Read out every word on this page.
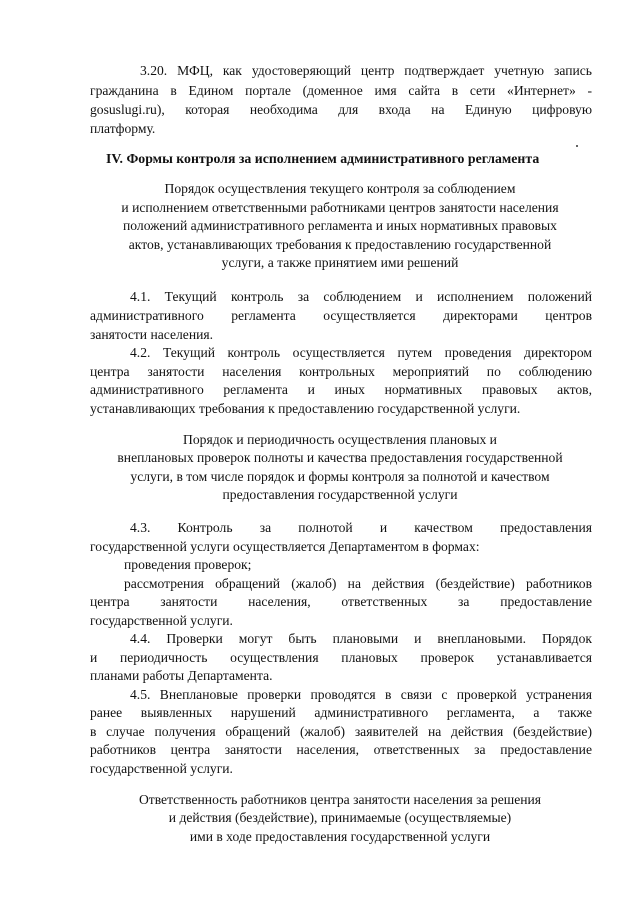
3.20. МФЦ, как удостоверяющий центр подтверждает учетную запись
гражданина в Едином портале (доменное имя сайта в сети «Интернет» -
gosuslugi.ru), которая необходима для входа на Единую цифровую
платформу.
IV. Формы контроля за исполнением административного регламента
Порядок осуществления текущего контроля за соблюдением
и исполнением ответственными работниками центров занятости населения
положений административного регламента и иных нормативных правовых
актов, устанавливающих требования к предоставлению государственной
услуги, а также принятием ими решений
4.1. Текущий контроль за соблюдением и исполнением положений
административного регламента осуществляется директорами центров
занятости населения.
4.2. Текущий контроль осуществляется путем проведения директором
центра занятости населения контрольных мероприятий по соблюдению
административного регламента и иных нормативных правовых актов,
устанавливающих требования к предоставлению государственной услуги.
Порядок и периодичность осуществления плановых и
внеплановых проверок полноты и качества предоставления государственной
услуги, в том числе порядок и формы контроля за полнотой и качеством
предоставления государственной услуги
4.3. Контроль за полнотой и качеством предоставления
государственной услуги осуществляется Департаментом в формах:
проведения проверок;
рассмотрения обращений (жалоб) на действия (бездействие) работников
центра занятости населения, ответственных за предоставление
государственной услуги.
4.4. Проверки могут быть плановыми и внеплановыми. Порядок
и периодичность осуществления плановых проверок устанавливается
планами работы Департамента.
4.5. Внеплановые проверки проводятся в связи с проверкой устранения
ранее выявленных нарушений административного регламента, а также
в случае получения обращений (жалоб) заявителей на действия (бездействие)
работников центра занятости населения, ответственных за предоставление
государственной услуги.
Ответственность работников центра занятости населения за решения
и действия (бездействие), принимаемые (осуществляемые)
ими в ходе предоставления государственной услуги
